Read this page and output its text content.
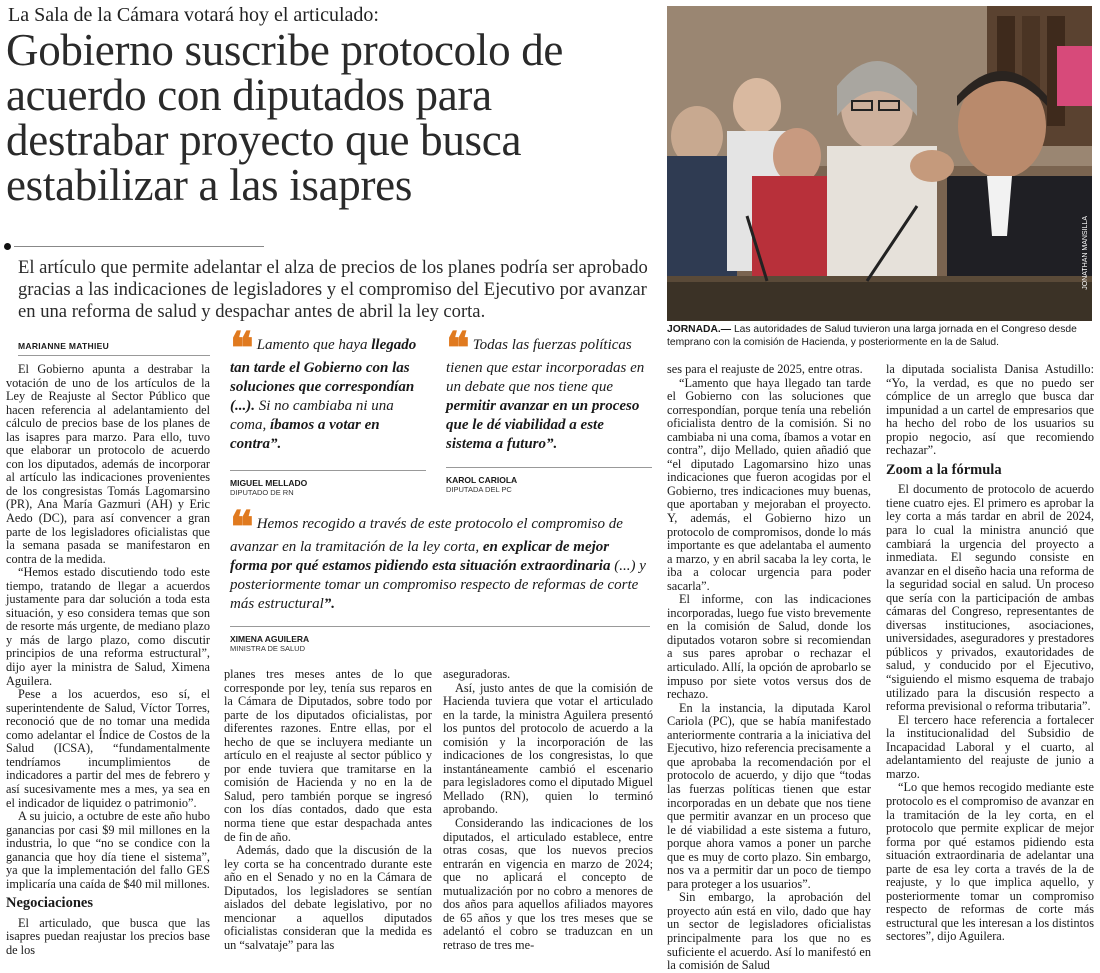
La Sala de la Cámara votará hoy el articulado:
Gobierno suscribe protocolo de acuerdo con diputados para destrabar proyecto que busca estabilizar a las isapres
El artículo que permite adelantar el alza de precios de los planes podría ser aprobado gracias a las indicaciones de legisladores y el compromiso del Ejecutivo por avanzar en una reforma de salud y despachar antes de abril la ley corta.
JONATHAN MANSILLA
JORNADA.— Las autoridades de Salud tuvieron una larga jornada en el Congreso desde temprano con la comisión de Hacienda, y posteriormente en la de Salud.
MARIANNE MATHIEU

El Gobierno apunta a destrabar la votación de uno de los artículos de la Ley de Reajuste al Sector Público que hacen referencia al adelantamiento del cálculo de precios base de los planes de las isapres para marzo. Para ello, tuvo que elaborar un protocolo de acuerdo con los diputados, además de incorporar al artículo las indicaciones provenientes de los congresistas Tomás Lagomarsino (PR), Ana María Gazmuri (AH) y Eric Aedo (DC), para así convencer a gran parte de los legisladores oficialistas que la semana pasada se manifestaron en contra de la medida.

“Hemos estado discutiendo todo este tiempo, tratando de llegar a acuerdos justamente para dar solución a toda esta situación, y eso considera temas que son de resorte más urgente, de mediano plazo y más de largo plazo, como discutir principios de una reforma estructural”, dijo ayer la ministra de Salud, Ximena Aguilera.

Pese a los acuerdos, eso sí, el superintendente de Salud, Víctor Torres, reconoció que de no tomar una medida como adelantar el Índice de Costos de la Salud (ICSA), “fundamentalmente tendríamos incumplimientos de indicadores a partir del mes de febrero y así sucesivamente mes a mes, ya sea en el indicador de liquidez o patrimonio”.

A su juicio, a octubre de este año hubo ganancias por casi $9 mil millones en la industria, lo que “no se condice con la ganancia que hoy día tiene el sistema”, ya que la implementación del fallo GES implicaría una caída de $40 mil millones.

Negociaciones

El articulado, que busca que las isapres puedan reajustar los precios base de los

❝ Lamento que haya llegado tan tarde el Gobierno con las soluciones que correspondían (...). Si no cambiaba ni una coma, íbamos a votar en contra”.
MIGUEL MELLADO
DIPUTADO DE RN
❝ Todas las fuerzas políticas tienen que estar incorporadas en un debate que nos tiene que permitir avanzar en un proceso que le dé viabilidad a este sistema a futuro”.
KAROL CARIOLA
DIPUTADA DEL PC
❝ Hemos recogido a través de este protocolo el compromiso de avanzar en la tramitación de la ley corta, en explicar de mejor forma por qué estamos pidiendo esta situación extraordinaria (...) y posteriormente tomar un compromiso respecto de reformas de corte más estructural”.
XIMENA AGUILERA
MINISTRA DE SALUD

planes tres meses antes de lo que corresponde por ley, tenía sus reparos en la Cámara de Diputados, sobre todo por parte de los diputados oficialistas, por diferentes razones. Entre ellas, por el hecho de que se incluyera mediante un artículo en el reajuste al sector público y por ende tuviera que tramitarse en la comisión de Hacienda y no en la de Salud, pero también porque se ingresó con los días contados, dado que esta norma tiene que estar despachada antes de fin de año.

Además, dado que la discusión de la ley corta se ha concentrado durante este año en el Senado y no en la Cámara de Diputados, los legisladores se sentían aislados del debate legislativo, por no mencionar a aquellos diputados oficialistas consideran que la medida es un “salvataje” para las

aseguradoras.

Así, justo antes de que la comisión de Hacienda tuviera que votar el articulado en la tarde, la ministra Aguilera presentó los puntos del protocolo de acuerdo a la comisión y la incorporación de las indicaciones de los congresistas, lo que instantáneamente cambió el escenario para legisladores como el diputado Miguel Mellado (RN), quien lo terminó aprobando.

Considerando las indicaciones de los diputados, el articulado establece, entre otras cosas, que los nuevos precios entrarán en vigencia en marzo de 2024; que no aplicará el concepto de mutualización por no cobro a menores de dos años para aquellos afiliados mayores de 65 años y que los tres meses que se adelantó el cobro se traduzcan en un retraso de tres me-

ses para el reajuste de 2025, entre otras.

“Lamento que haya llegado tan tarde el Gobierno con las soluciones que correspondían, porque tenía una rebelión oficialista dentro de la comisión. Si no cambiaba ni una coma, íbamos a votar en contra”, dijo Mellado, quien añadió que “el diputado Lagomarsino hizo unas indicaciones que fueron acogidas por el Gobierno, tres indicaciones muy buenas, que aportaban y mejoraban el proyecto. Y, además, el Gobierno hizo un protocolo de compromisos, donde lo más importante es que adelantaba el aumento a marzo, y en abril sacaba la ley corta, le iba a colocar urgencia para poder sacarla”.

El informe, con las indicaciones incorporadas, luego fue visto brevemente en la comisión de Salud, donde los diputados votaron sobre si recomiendan a sus pares aprobar o rechazar el articulado. Allí, la opción de aprobarlo se impuso por siete votos versus dos de rechazo.

En la instancia, la diputada Karol Cariola (PC), que se había manifestado anteriormente contraria a la iniciativa del Ejecutivo, hizo referencia precisamente a que aprobaba la recomendación por el protocolo de acuerdo, y dijo que “todas las fuerzas políticas tienen que estar incorporadas en un debate que nos tiene que permitir avanzar en un proceso que le dé viabilidad a este sistema a futuro, porque ahora vamos a poner un parche que es muy de corto plazo. Sin embargo, nos va a permitir dar un poco de tiempo para proteger a los usuarios”.

Sin embargo, la aprobación del proyecto aún está en vilo, dado que hay un sector de legisladores oficialistas principalmente para los que no es suficiente el acuerdo. Así lo manifestó en la comisión de Salud

la diputada socialista Danisa Astudillo: “Yo, la verdad, es que no puedo ser cómplice de un arreglo que busca dar impunidad a un cartel de empresarios que ha hecho del robo de los usuarios su propio negocio, así que recomiendo rechazar”.

Zoom a la fórmula

El documento de protocolo de acuerdo tiene cuatro ejes. El primero es aprobar la ley corta a más tardar en abril de 2024, para lo cual la ministra anunció que cambiará la urgencia del proyecto a inmediata. El segundo consiste en avanzar en el diseño hacia una reforma de la seguridad social en salud. Un proceso que sería con la participación de ambas cámaras del Congreso, representantes de diversas instituciones, asociaciones, universidades, aseguradores y prestadores públicos y privados, exautoridades de salud, y conducido por el Ejecutivo, “siguiendo el mismo esquema de trabajo utilizado para la discusión respecto a reforma previsional o reforma tributaria”.

El tercero hace referencia a fortalecer la institucionalidad del Subsidio de Incapacidad Laboral y el cuarto, al adelantamiento del reajuste de junio a marzo.

“Lo que hemos recogido mediante este protocolo es el compromiso de avanzar en la tramitación de la ley corta, en el protocolo que permite explicar de mejor forma por qué estamos pidiendo esta situación extraordinaria de adelantar una parte de esa ley corta a través de la de reajuste, y lo que implica aquello, y posteriormente tomar un compromiso respecto de reformas de corte más estructural que les interesan a los distintos sectores”, dijo Aguilera.
